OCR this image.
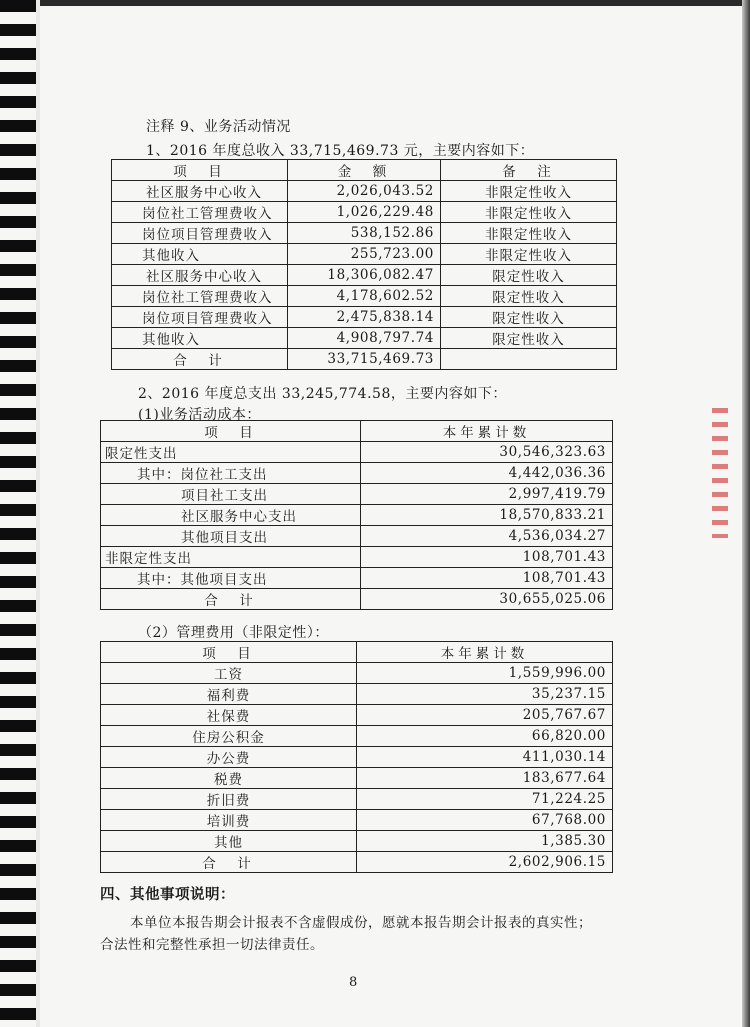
注释 9、业务活动情况
1、2016 年度总收入 33,715,469.73 元，主要内容如下：
项　目	金　额	备　注
社区服务中心收入	2,026,043.52	非限定性收入
岗位社工管理费收入	1,026,229.48	非限定性收入
岗位项目管理费收入	538,152.86	非限定性收入
其他收入	255,723.00	非限定性收入
社区服务中心收入	18,306,082.47	限定性收入
岗位社工管理费收入	4,178,602.52	限定性收入
岗位项目管理费收入	2,475,838.14	限定性收入
其他收入	4,908,797.74	限定性收入
合　计	33,715,469.73	
2、2016 年度总支出 33,245,774.58，主要内容如下：
(1)业务活动成本：
项　目	本年累计数
限定性支出	30,546,323.63
其中：岗位社工支出	4,442,036.36
项目社工支出	2,997,419.79
社区服务中心支出	18,570,833.21
其他项目支出	4,536,034.27
非限定性支出	108,701.43
其中：其他项目支出	108,701.43
合　计	30,655,025.06
（2）管理费用（非限定性）：
项　目	本年累计数
工资	1,559,996.00
福利费	35,237.15
社保费	205,767.67
住房公积金	66,820.00
办公费	411,030.14
税费	183,677.64
折旧费	71,224.25
培训费	67,768.00
其他	1,385.30
合　计	2,602,906.15
四、其他事项说明：
本单位本报告期会计报表不含虚假成份，愿就本报告期会计报表的真实性；
合法性和完整性承担一切法律责任。
8
